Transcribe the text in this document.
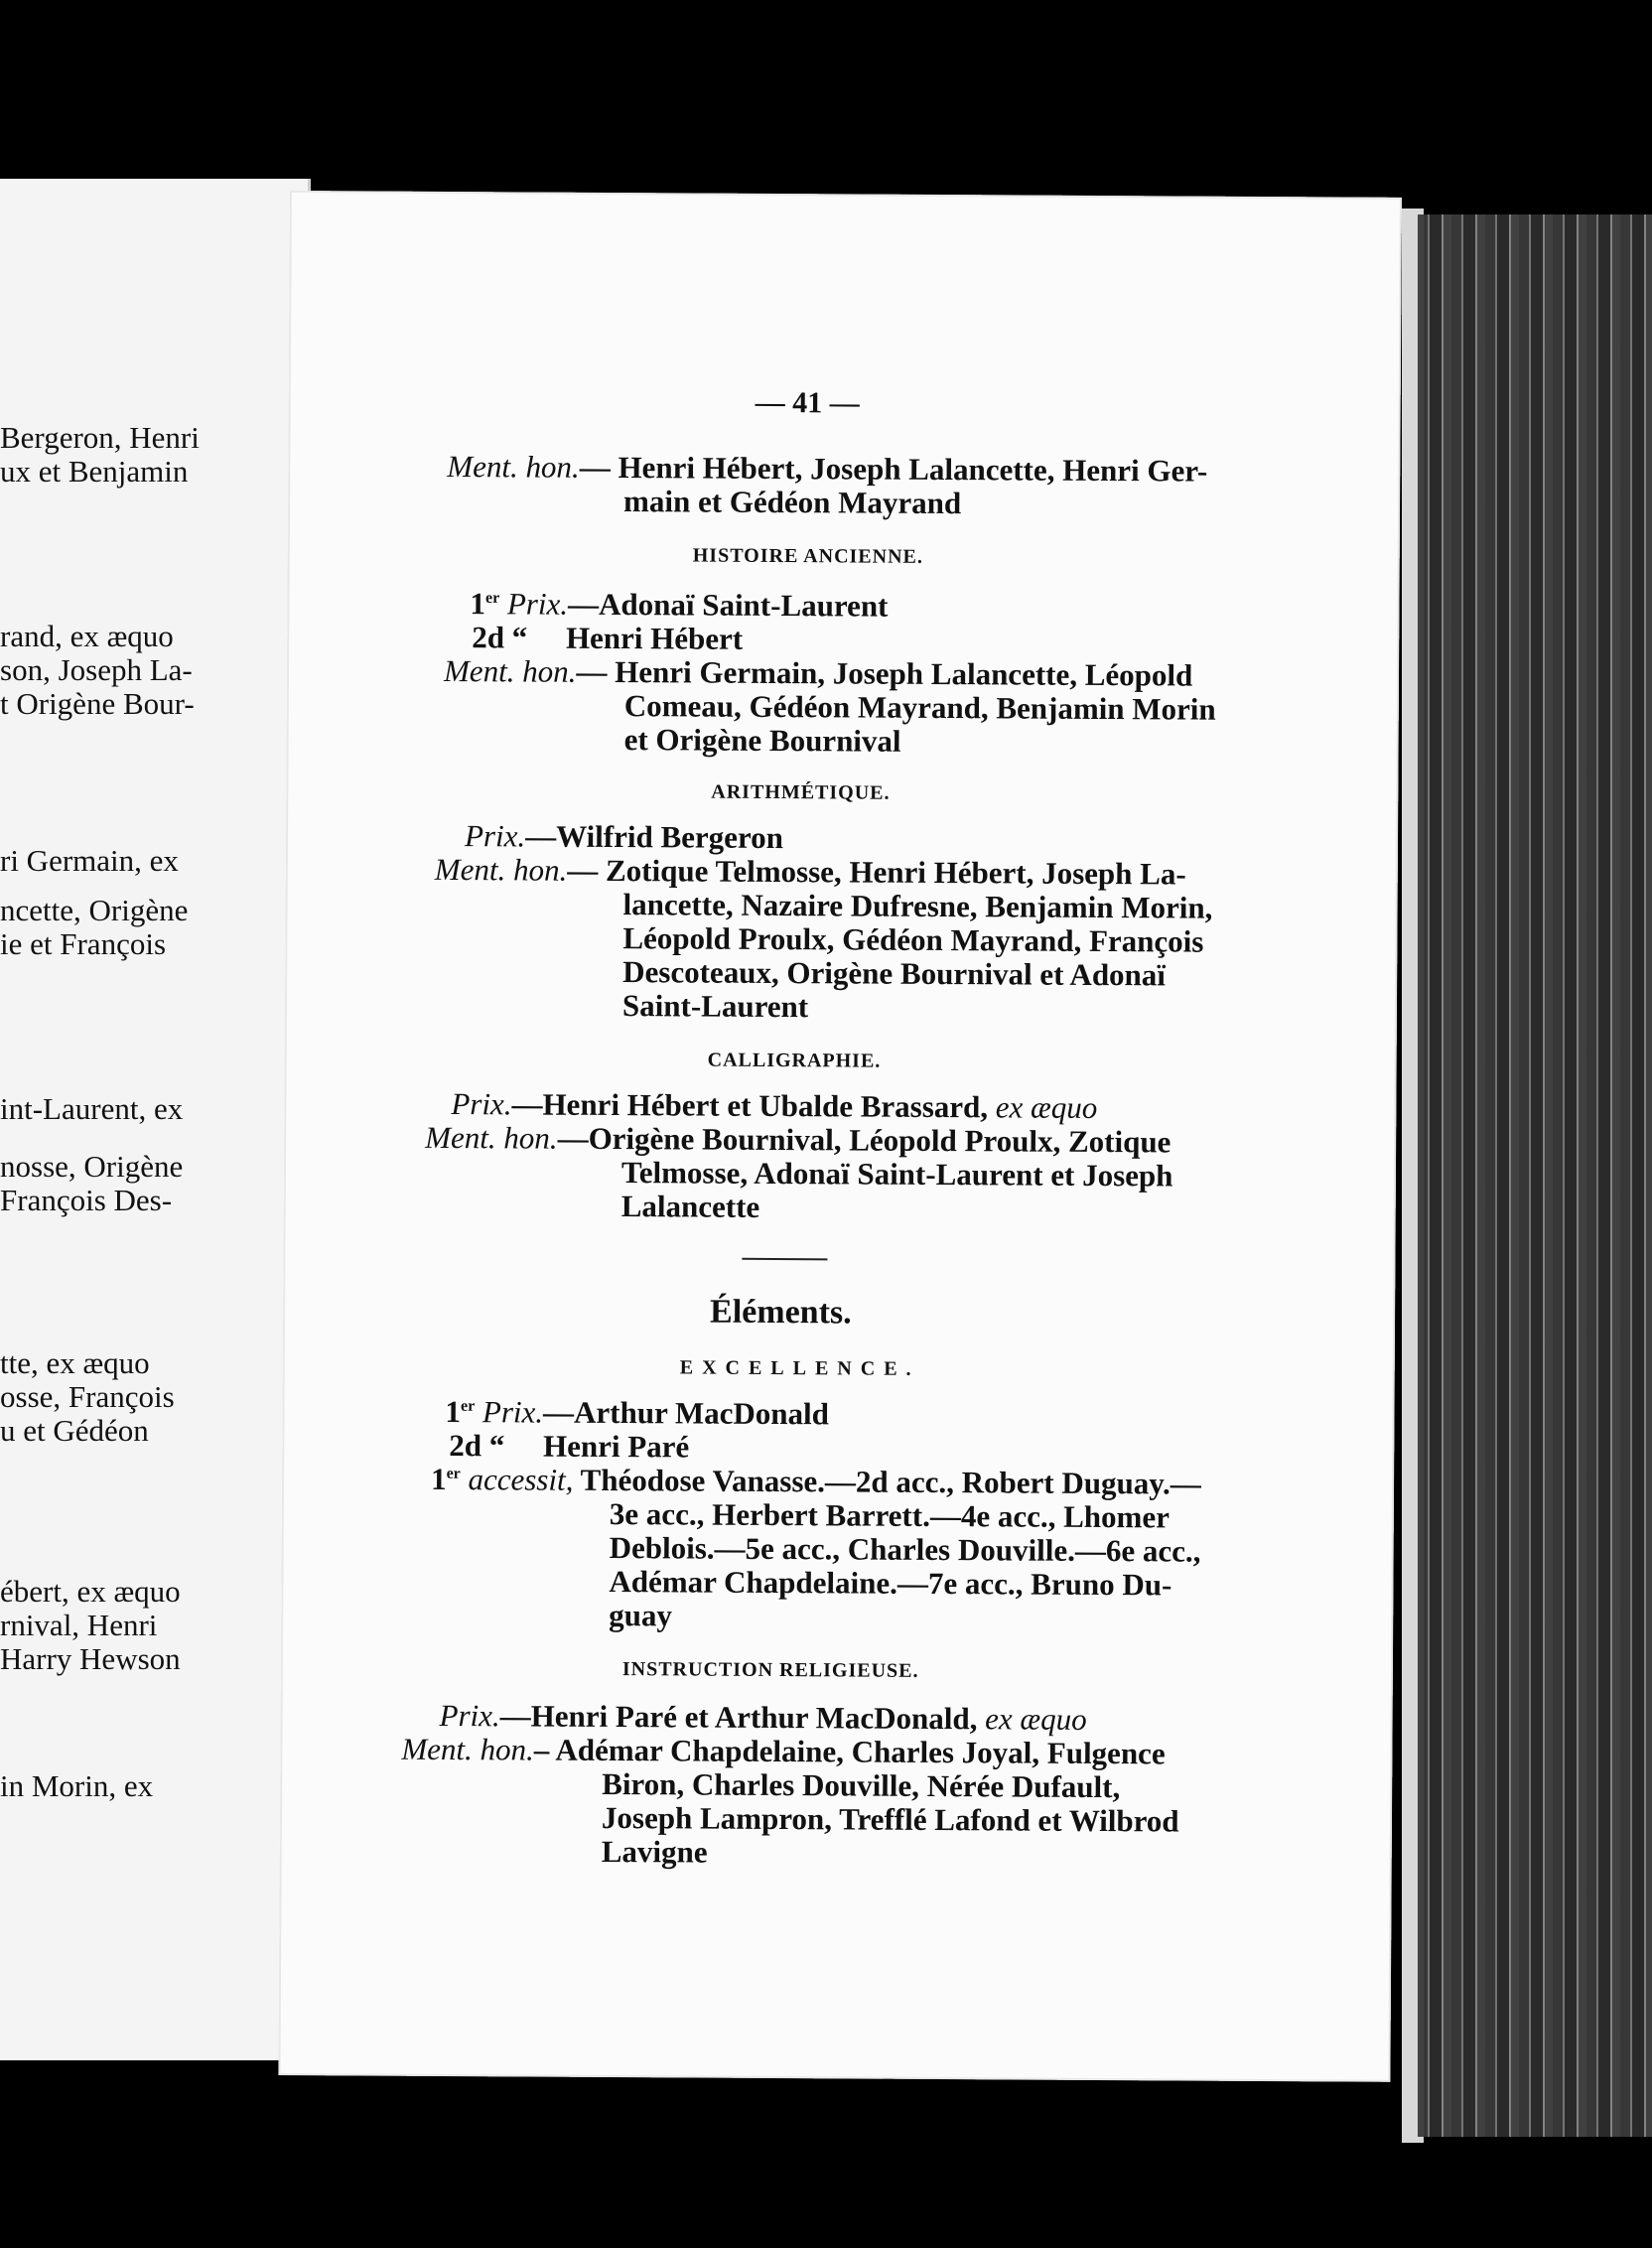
Bergeron, Henri
ux et Benjamin
rand, ex æquo
son, Joseph La-
t Origène Bour-
ri Germain, ex
ncette, Origène
ie et François
int-Laurent, ex
nosse, Origène
François Des-
tte, ex æquo
osse, François
u et Gédéon
ébert, ex æquo
rnival, Henri
Harry Hewson
in Morin, ex
— 41 —
Ment. hon.— Henri Hébert, Joseph Lalancette, Henri Ger-
main et Gédéon Mayrand
HISTOIRE ANCIENNE.
1er Prix.—Adonaï Saint-Laurent
2d “ Henri Hébert
Ment. hon.— Henri Germain, Joseph Lalancette, Léopold
Comeau, Gédéon Mayrand, Benjamin Morin
et Origène Bournival
ARITHMÉTIQUE.
Prix.—Wilfrid Bergeron
Ment. hon.— Zotique Telmosse, Henri Hébert, Joseph La-
lancette, Nazaire Dufresne, Benjamin Morin,
Léopold Proulx, Gédéon Mayrand, François
Descoteaux, Origène Bournival et Adonaï
Saint-Laurent
CALLIGRAPHIE.
Prix.—Henri Hébert et Ubalde Brassard, ex æquo
Ment. hon.—Origène Bournival, Léopold Proulx, Zotique
Telmosse, Adonaï Saint-Laurent et Joseph
Lalancette
Éléments.
EXCELLENCE.
1er Prix.—Arthur MacDonald
2d “ Henri Paré
1er accessit, Théodose Vanasse.—2d acc., Robert Duguay.—
3e acc., Herbert Barrett.—4e acc., Lhomer
Deblois.—5e acc., Charles Douville.—6e acc.,
Adémar Chapdelaine.—7e acc., Bruno Du-
guay
INSTRUCTION RELIGIEUSE.
Prix.—Henri Paré et Arthur MacDonald, ex æquo
Ment. hon.– Adémar Chapdelaine, Charles Joyal, Fulgence
Biron, Charles Douville, Nérée Dufault,
Joseph Lampron, Trefflé Lafond et Wilbrod
Lavigne
